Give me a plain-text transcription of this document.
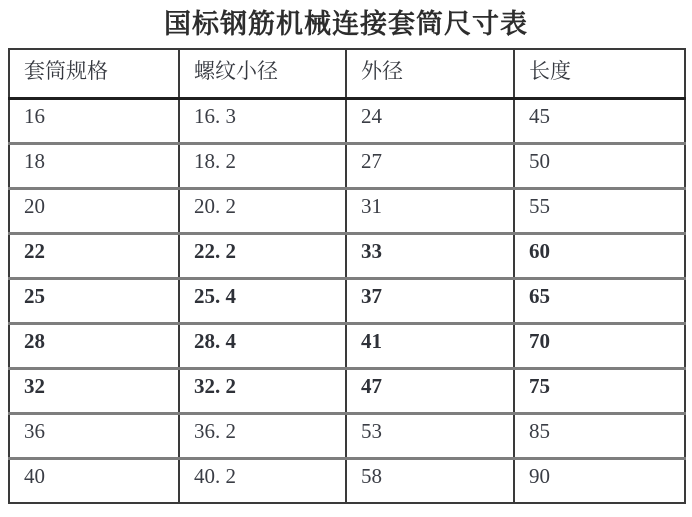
国标钢筋机械连接套筒尺寸表
套筒规格	螺纹小径	外径	长度
16	16. 3	24	45
18	18. 2	27	50
20	20. 2	31	55
22	22. 2	33	60
25	25. 4	37	65
28	28. 4	41	70
32	32. 2	47	75
36	36. 2	53	85
40	40. 2	58	90
